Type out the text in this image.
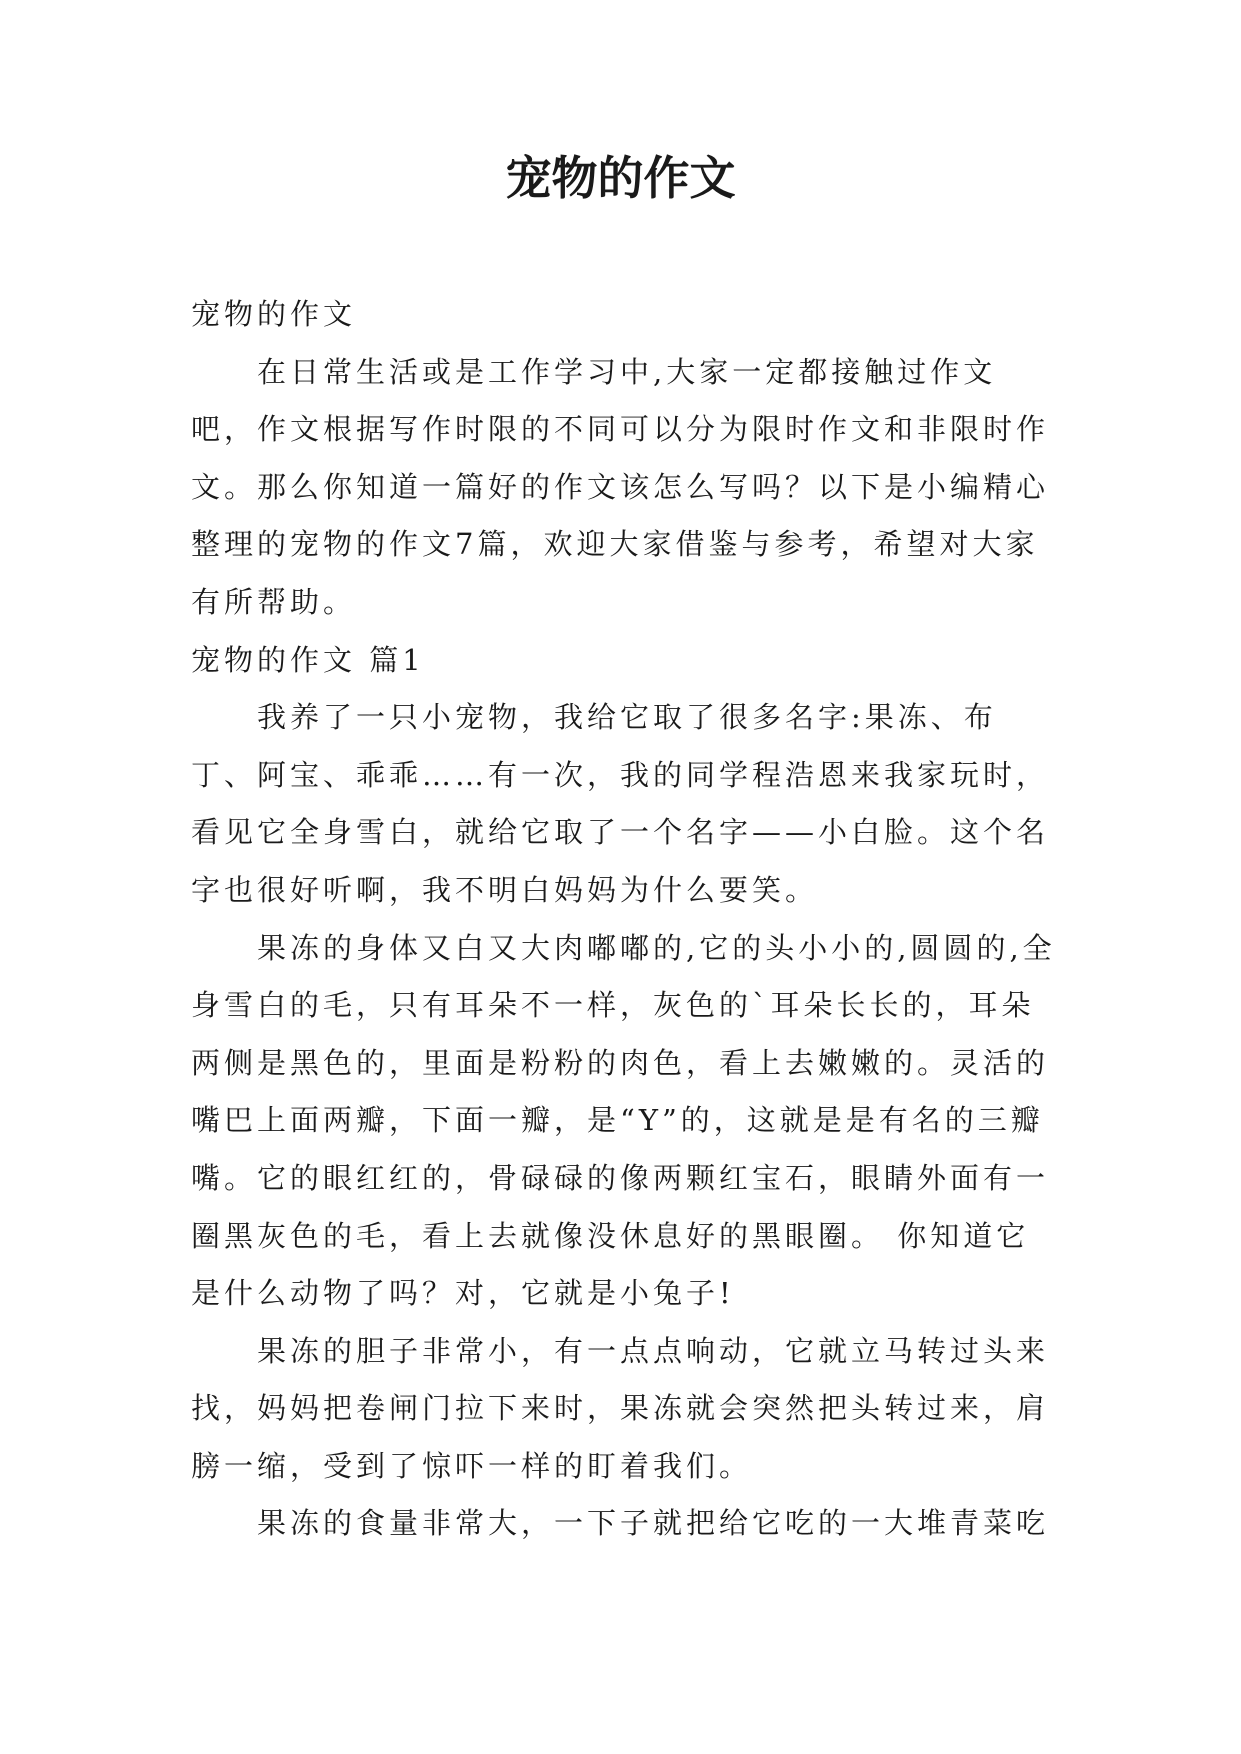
宠物的作文

宠物的作文

在日常生活或是工作学习中,大家一定都接触过作文吧，作文根据写作时限的不同可以分为限时作文和非限时作文。那么你知道一篇好的作文该怎么写吗？以下是小编精心整理的宠物的作文7篇，欢迎大家借鉴与参考，希望对大家有所帮助。

宠物的作文 篇1

我养了一只小宠物，我给它取了很多名字:果冻、布丁、阿宝、乖乖……有一次，我的同学程浩恩来我家玩时，看见它全身雪白，就给它取了一个名字——小白脸。这个名字也很好听啊，我不明白妈妈为什么要笑。

果冻的身体又白又大肉嘟嘟的,它的头小小的,圆圆的,全身雪白的毛，只有耳朵不一样，灰色的`耳朵长长的，耳朵两侧是黑色的，里面是粉粉的肉色，看上去嫩嫩的。灵活的嘴巴上面两瓣，下面一瓣，是“Y”的，这就是是有名的三瓣嘴。它的眼红红的，骨碌碌的像两颗红宝石，眼睛外面有一圈黑灰色的毛，看上去就像没休息好的黑眼圈。 你知道它是什么动物了吗？对，它就是小兔子!

果冻的胆子非常小，有一点点响动，它就立马转过头来找，妈妈把卷闸门拉下来时，果冻就会突然把头转过来，肩膀一缩，受到了惊吓一样的盯着我们。

果冻的食量非常大，一下子就把给它吃的一大堆青菜吃
